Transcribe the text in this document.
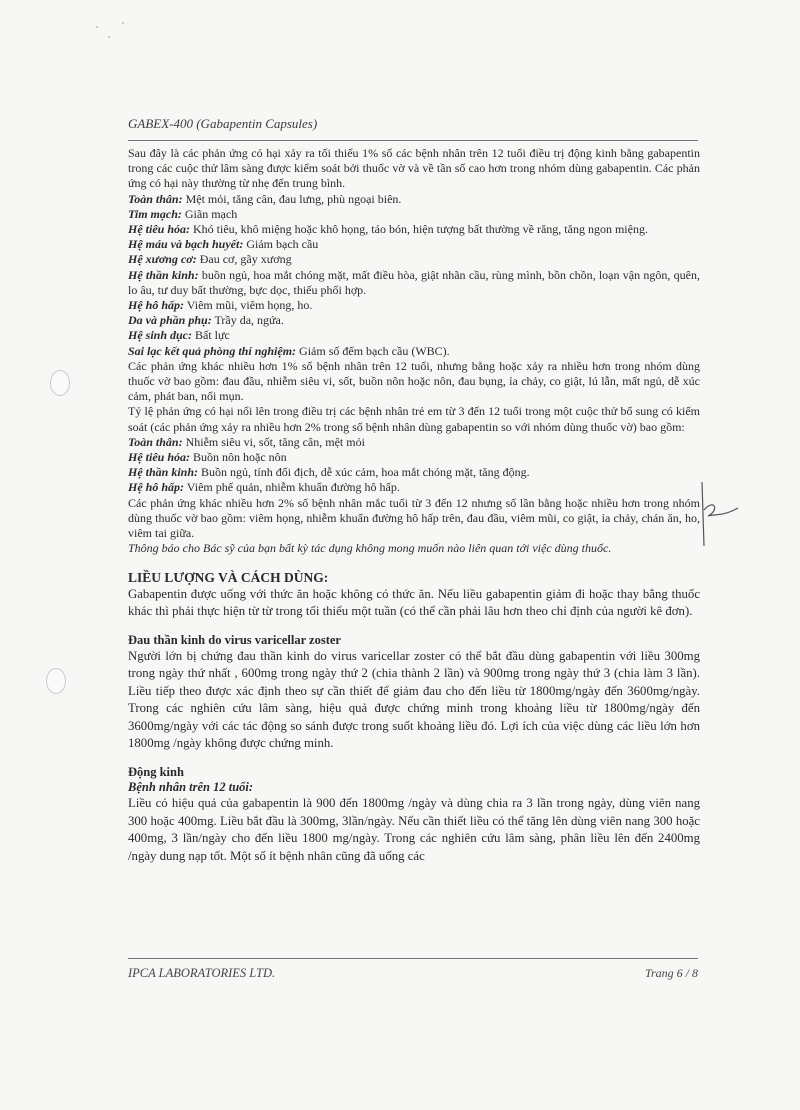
GABEX-400 (Gabapentin Capsules)

Sau đây là các phản ứng có hại xảy ra tối thiểu 1% số các bệnh nhân trên 12 tuổi điều trị động kinh bằng gabapentin trong các cuộc thử lâm sàng được kiểm soát bởi thuốc vờ và về tần số cao hơn trong nhóm dùng gabapentin. Các phản ứng có hại này thường từ nhẹ đến trung bình.

Toàn thân: Mệt mỏi, tăng cân, đau lưng, phù ngoại biên.

Tim mạch: Giãn mạch

Hệ tiêu hóa: Khó tiêu, khô miệng hoặc khô họng, táo bón, hiện tượng bất thường về răng, tăng ngon miệng.

Hệ máu và bạch huyết: Giảm bạch cầu

Hệ xương cơ: Đau cơ, gãy xương

Hệ thần kinh: buồn ngủ, hoa mắt chóng mặt, mất điều hòa, giật nhãn cầu, rùng mình, bồn chồn, loạn vận ngôn, quên, lo âu, tư duy bất thường, bực dọc, thiếu phối hợp.

Hệ hô hấp: Viêm mũi, viêm họng, ho.

Da và phần phụ: Trầy da, ngứa.

Hệ sinh dục: Bất lực

Sai lạc kết quả phòng thí nghiệm: Giảm số đếm bạch cầu (WBC).

Các phản ứng khác nhiều hơn 1% số bệnh nhân trên 12 tuổi, nhưng bằng hoặc xảy ra nhiều hơn trong nhóm dùng thuốc vờ bao gồm: đau đầu, nhiễm siêu vi, sốt, buồn nôn hoặc nôn, đau bụng, ỉa chảy, co giật, lú lẫn, mất ngủ, dễ xúc cảm, phát ban, nổi mụn.

Tỷ lệ phản ứng có hại nổi lên trong điều trị các bệnh nhân trẻ em từ 3 đến 12 tuổi trong một cuộc thử bổ sung có kiểm soát (các phản ứng xảy ra nhiều hơn 2% trong số bệnh nhân dùng gabapentin so với nhóm dùng thuốc vờ) bao gồm:

Toàn thân: Nhiễm siêu vi, sốt, tăng cân, mệt mỏi

Hệ tiêu hóa: Buồn nôn hoặc nôn

Hệ thần kinh: Buồn ngủ, tính đối địch, dễ xúc cảm, hoa mắt chóng mặt, tăng động.

Hệ hô hấp: Viêm phế quản, nhiễm khuẩn đường hô hấp.

Các phản ứng khác nhiều hơn 2% số bệnh nhân mắc tuổi từ 3 đến 12 nhưng số lần bằng hoặc nhiều hơn trong nhóm dùng thuốc vờ bao gồm: viêm họng, nhiễm khuẩn đường hô hấp trên, đau đầu, viêm mũi, co giật, ỉa chảy, chán ăn, ho, viêm tai giữa.

Thông báo cho Bác sỹ của bạn bất kỳ tác dụng không mong muốn nào liên quan tới việc dùng thuốc.

LIỀU LƯỢNG VÀ CÁCH DÙNG:

Gabapentin được uống với thức ăn hoặc không có thức ăn. Nếu liều gabapentin giảm đi hoặc thay bằng thuốc khác thì phải thực hiện từ từ trong tối thiểu một tuần (có thể cần phải lâu hơn theo chỉ định của người kê đơn).

Đau thần kinh do virus varicellar zoster

Người lớn bị chứng đau thần kinh do virus varicellar zoster có thể bắt đầu dùng gabapentin với liều 300mg trong ngày thứ nhất , 600mg trong ngày thứ 2 (chia thành 2 lần) và 900mg trong ngày thứ 3 (chia làm 3 lần). Liều tiếp theo được xác định theo sự cần thiết để giảm đau cho đến liều từ 1800mg/ngày đến 3600mg/ngày. Trong các nghiên cứu lâm sàng, hiệu quả được chứng minh trong khoảng liều từ 1800mg/ngày đến 3600mg/ngày với các tác động so sánh được trong suốt khoảng liều đó. Lợi ích của việc dùng các liều lớn hơn 1800mg /ngày không được chứng minh.

Động kinh

Bệnh nhân trên 12 tuổi:

Liều có hiệu quả của gabapentin là 900 đến 1800mg /ngày và dùng chia ra 3 lần trong ngày, dùng viên nang 300 hoặc 400mg. Liều bắt đầu là 300mg, 3lần/ngày. Nếu cần thiết liều có thể tăng lên dùng viên nang 300 hoặc 400mg, 3 lần/ngày cho đến liều 1800 mg/ngày. Trong các nghiên cứu lâm sàng, phân liều lên đến 2400mg /ngày dung nạp tốt. Một số ít bệnh nhân cũng đã uống các

IPCA LABORATORIES LTD.	Trang 6 / 8
